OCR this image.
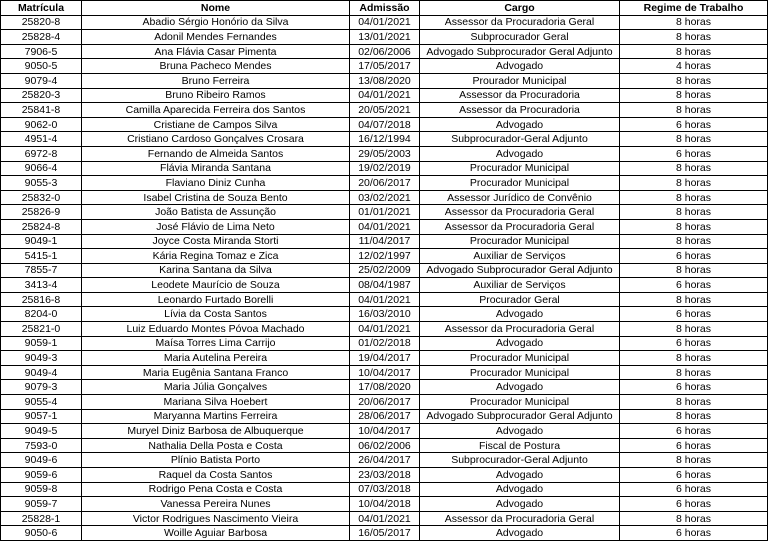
Matrícula	Nome	Admissão	Cargo	Regime de Trabalho
25820-8	Abadio Sérgio Honório da Silva	04/01/2021	Assessor da Procuradoria Geral	8 horas
25828-4	Adonil Mendes Fernandes	13/01/2021	Subprocurador Geral	8 horas
7906-5	Ana Flávia Casar Pimenta	02/06/2006	Advogado Subprocurador Geral Adjunto	8 horas
9050-5	Bruna Pacheco Mendes	17/05/2017	Advogado	4 horas
9079-4	Bruno Ferreira	13/08/2020	Prourador Municipal	8 horas
25820-3	Bruno Ribeiro Ramos	04/01/2021	Assessor da Procuradoria	8 horas
25841-8	Camilla Aparecida Ferreira dos Santos	20/05/2021	Assessor da Procuradoria	8 horas
9062-0	Cristiane de Campos Silva	04/07/2018	Advogado	6 horas
4951-4	Cristiano Cardoso Gonçalves Crosara	16/12/1994	Subprocurador-Geral Adjunto	8 horas
6972-8	Fernando de Almeida Santos	29/05/2003	Advogado	6 horas
9066-4	Flávia Miranda Santana	19/02/2019	Procurador Municipal	8 horas
9055-3	Flaviano Diniz Cunha	20/06/2017	Procurador Municipal	8 horas
25832-0	Isabel Cristina de Souza Bento	03/02/2021	Assessor Jurídico de Convênio	8 horas
25826-9	João Batista de Assunção	01/01/2021	Assessor da Procuradoria Geral	8 horas
25824-8	José Flávio de Lima Neto	04/01/2021	Assessor da Procuradoria Geral	8 horas
9049-1	Joyce Costa Miranda Storti	11/04/2017	Procurador Municipal	8 horas
5415-1	Kária Regina Tomaz e Zica	12/02/1997	Auxiliar de Serviços	6 horas
7855-7	Karina Santana da Silva	25/02/2009	Advogado Subprocurador Geral Adjunto	8 horas
3413-4	Leodete Maurício de Souza	08/04/1987	Auxiliar de Serviços	6 horas
25816-8	Leonardo Furtado Borelli	04/01/2021	Procurador Geral	8 horas
8204-0	Lívia da Costa Santos	16/03/2010	Advogado	6 horas
25821-0	Luiz Eduardo Montes Póvoa Machado	04/01/2021	Assessor da Procuradoria Geral	8 horas
9059-1	Maísa Torres Lima Carrijo	01/02/2018	Advogado	6 horas
9049-3	Maria Autelina Pereira	19/04/2017	Procurador Municipal	8 horas
9049-4	Maria Eugênia Santana Franco	10/04/2017	Procurador Municipal	8 horas
9079-3	Maria Júlia Gonçalves	17/08/2020	Advogado	6 horas
9055-4	Mariana Silva Hoebert	20/06/2017	Procurador Municipal	8 horas
9057-1	Maryanna Martins Ferreira	28/06/2017	Advogado Subprocurador Geral Adjunto	8 horas
9049-5	Muryel Diniz Barbosa de Albuquerque	10/04/2017	Advogado	6 horas
7593-0	Nathalia Della Posta e Costa	06/02/2006	Fiscal de Postura	6 horas
9049-6	Plínio Batista Porto	26/04/2017	Subprocurador-Geral Adjunto	8 horas
9059-6	Raquel da Costa Santos	23/03/2018	Advogado	6 horas
9059-8	Rodrigo Pena Costa e Costa	07/03/2018	Advogado	6 horas
9059-7	Vanessa Pereira Nunes	10/04/2018	Advogado	6 horas
25828-1	Victor Rodrigues Nascimento Vieira	04/01/2021	Assessor da Procuradoria Geral	8 horas
9050-6	Woille Aguiar Barbosa	16/05/2017	Advogado	6 horas
